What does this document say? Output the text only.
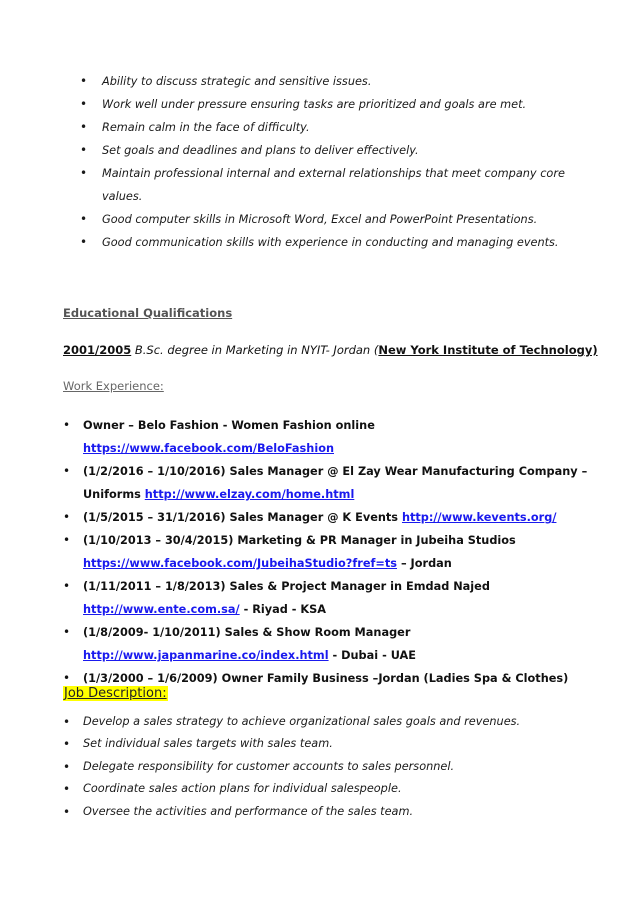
• Ability to discuss strategic and sensitive issues.
• Work well under pressure ensuring tasks are prioritized and goals are met.
• Remain calm in the face of difficulty.
• Set goals and deadlines and plans to deliver effectively.
• Maintain professional internal and external relationships that meet company core values.
• Good computer skills in Microsoft Word, Excel and PowerPoint Presentations.
• Good communication skills with experience in conducting and managing events.
Educational Qualifications
2001/2005 B.Sc. degree in Marketing in NYIT- Jordan (New York Institute of Technology)
Work Experience:
• Owner – Belo Fashion - Women Fashion online https://www.facebook.com/BeloFashion
• (1/2/2016 – 1/10/2016) Sales Manager @ El Zay Wear Manufacturing Company – Uniforms http://www.elzay.com/home.html
• (1/5/2015 – 31/1/2016) Sales Manager @ K Events http://www.kevents.org/
• (1/10/2013 – 30/4/2015) Marketing & PR Manager in Jubeiha Studios https://www.facebook.com/JubeihaStudio?fref=ts – Jordan
• (1/11/2011 – 1/8/2013) Sales & Project Manager in Emdad Najed http://www.ente.com.sa/ - Riyad - KSA
• (1/8/2009- 1/10/2011) Sales & Show Room Manager http://www.japanmarine.co/index.html - Dubai - UAE
• (1/3/2000 – 1/6/2009) Owner Family Business –Jordan (Ladies Spa & Clothes)
Job Description:
• Develop a sales strategy to achieve organizational sales goals and revenues.
• Set individual sales targets with sales team.
• Delegate responsibility for customer accounts to sales personnel.
• Coordinate sales action plans for individual salespeople.
• Oversee the activities and performance of the sales team.
